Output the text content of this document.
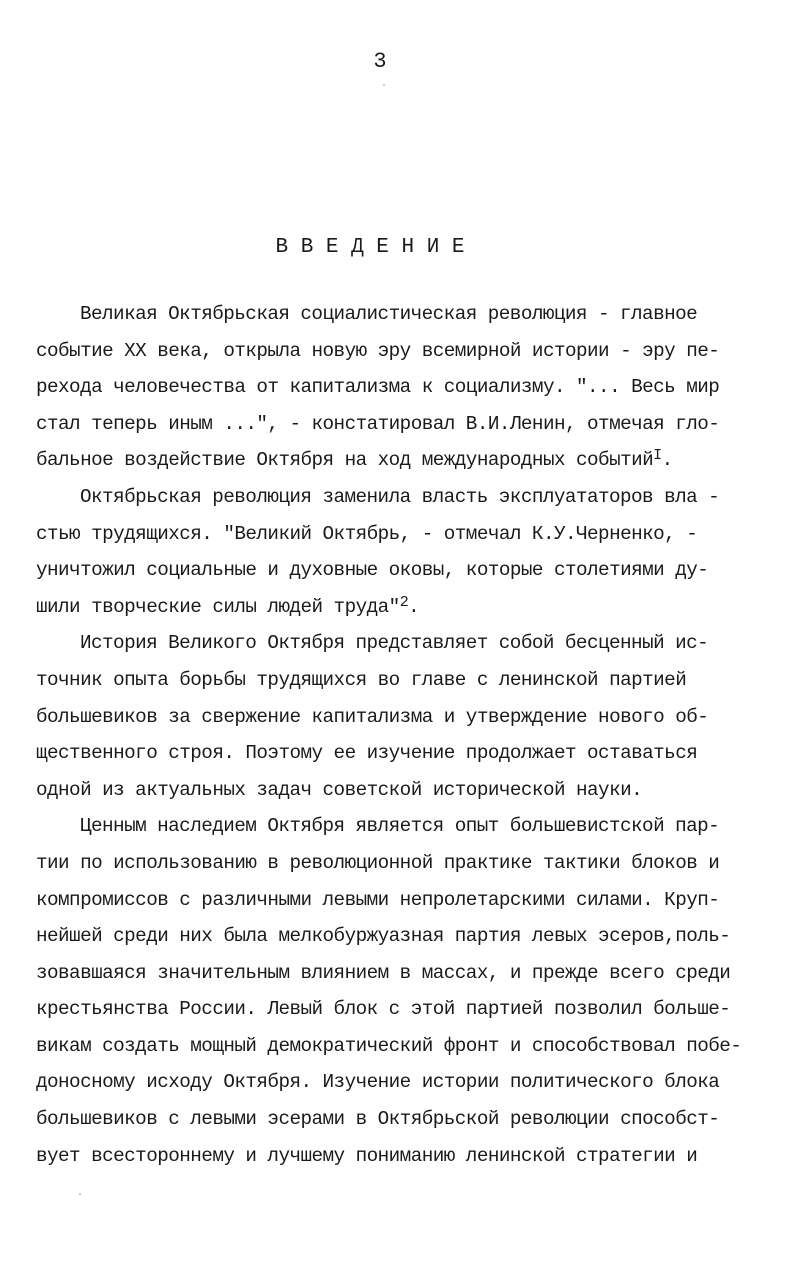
3
В В Е Д Е Н И Е
Великая Октябрьская социалистическая революция - главное
событие XX века, открыла новую эру всемирной истории - эру пе-
рехода человечества от капитализма к социализму. "... Весь мир
стал теперь иным ...", - констатировал В.И.Ленин, отмечая гло-
бальное воздействие Октября на ход международных событий$^I$.
Октябрьская революция заменила власть эксплуататоров вла -
стью трудящихся. "Великий Октябрь, - отмечал К.У.Черненко, -
уничтожил социальные и духовные оковы, которые столетиями ду-
шили творческие силы людей труда"$^2$.
История Великого Октября представляет собой бесценный ис-
точник опыта борьбы трудящихся во главе с ленинской партией
большевиков за свержение капитализма и утверждение нового об-
щественного строя. Поэтому ее изучение продолжает оставаться
одной из актуальных задач советской исторической науки.
Ценным наследием Октября является опыт большевистской пар-
тии по использованию в революционной практике тактики блоков и
компромиссов с различными левыми непролетарскими силами. Круп-
нейшей среди них была мелкобуржуазная партия левых эсеров,поль-
зовавшаяся значительным влиянием в массах, и прежде всего среди
крестьянства России. Левый блок с этой партией позволил больше-
викам создать мощный демократический фронт и способствовал побе-
доносному исходу Октября. Изучение истории политического блока
большевиков с левыми эсерами в Октябрьской революции способст-
вует всестороннему и лучшему пониманию ленинской стратегии и
